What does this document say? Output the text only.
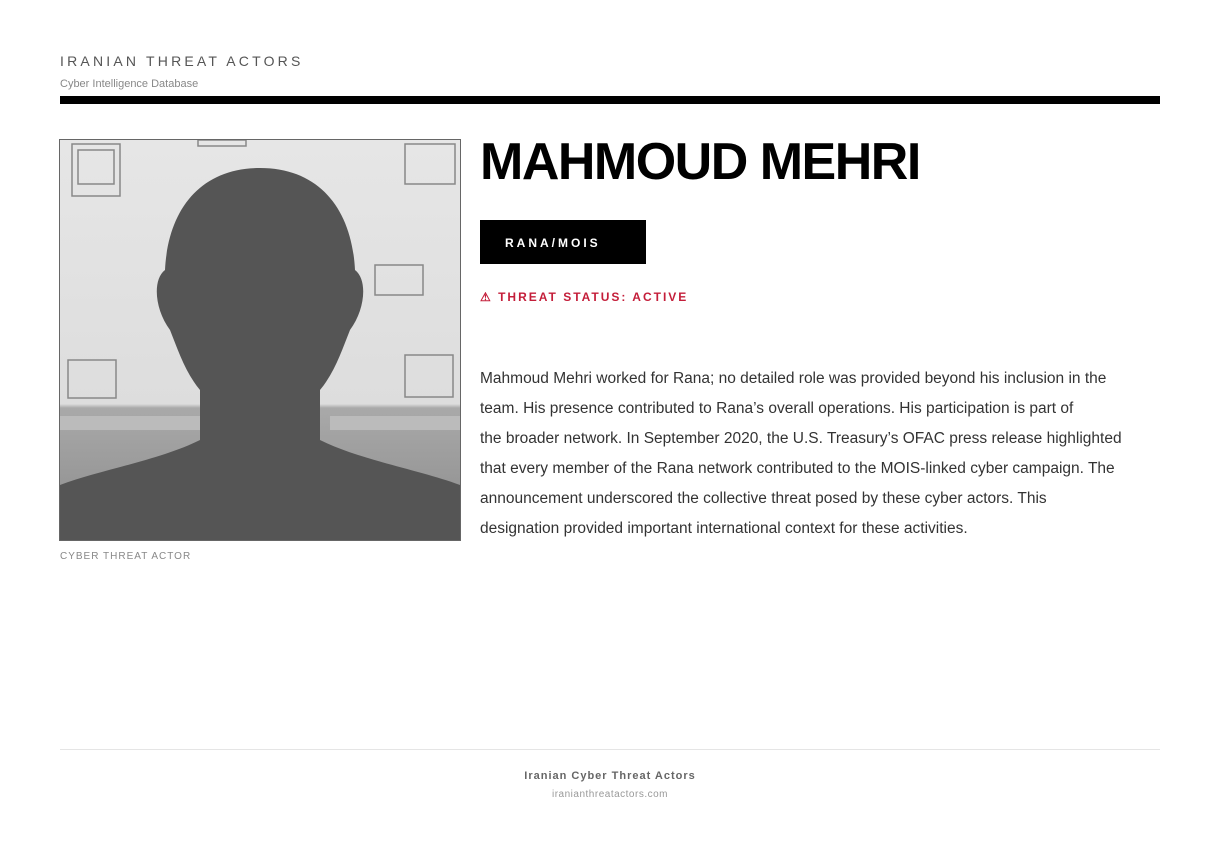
IRANIAN THREAT ACTORS
Cyber Intelligence Database
CYBER THREAT ACTOR
MAHMOUD MEHRI
RANA/MOIS
⚠ THREAT STATUS: ACTIVE
Mahmoud Mehri worked for Rana; no detailed role was provided beyond his inclusion in the
team. His presence contributed to Rana’s overall operations. His participation is part of
the broader network. In September 2020, the U.S. Treasury’s OFAC press release highlighted
that every member of the Rana network contributed to the MOIS-linked cyber campaign. The
announcement underscored the collective threat posed by these cyber actors. This
designation provided important international context for these activities.
Iranian Cyber Threat Actors
iranianthreatactors.com
